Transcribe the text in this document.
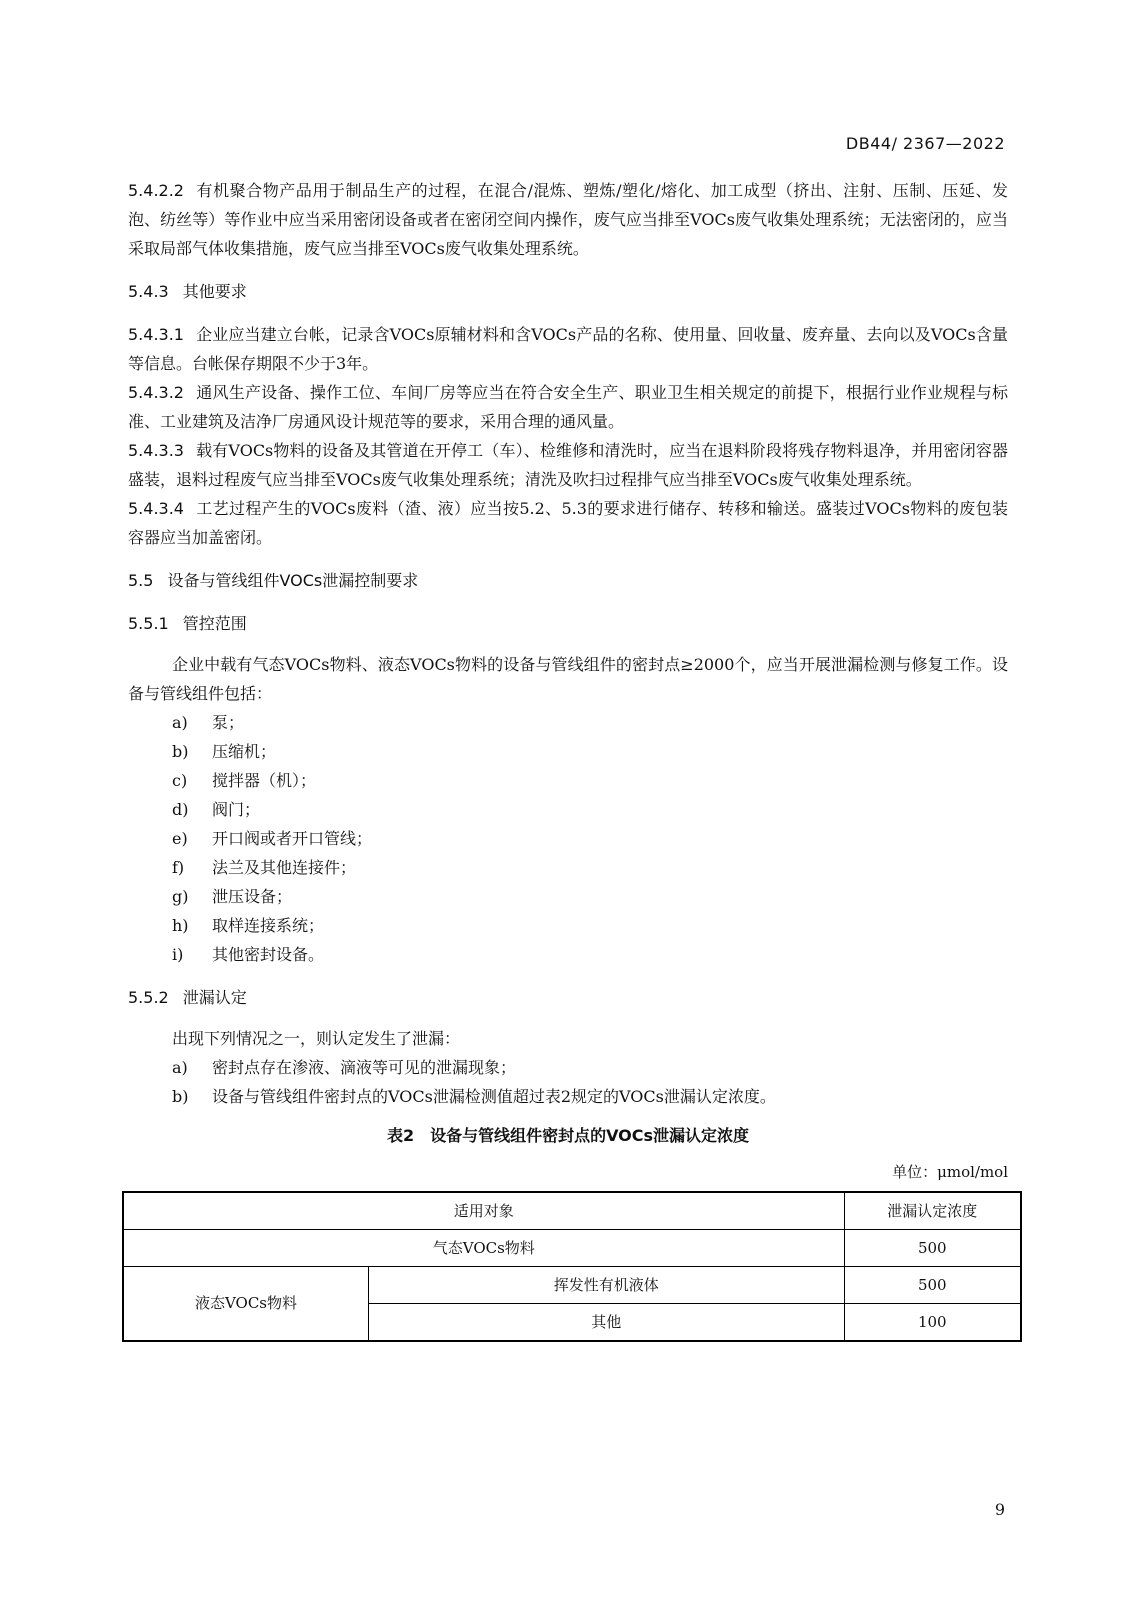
DB44/ 2367—2022

5.4.2.2 有机聚合物产品用于制品生产的过程，在混合/混炼、塑炼/塑化/熔化、加工成型（挤出、注射、压制、压延、发泡、纺丝等）等作业中应当采用密闭设备或者在密闭空间内操作，废气应当排至VOCs废气收集处理系统；无法密闭的，应当采取局部气体收集措施，废气应当排至VOCs废气收集处理系统。

5.4.3 其他要求

5.4.3.1 企业应当建立台帐，记录含VOCs原辅材料和含VOCs产品的名称、使用量、回收量、废弃量、去向以及VOCs含量等信息。台帐保存期限不少于3年。

5.4.3.2 通风生产设备、操作工位、车间厂房等应当在符合安全生产、职业卫生相关规定的前提下，根据行业作业规程与标准、工业建筑及洁净厂房通风设计规范等的要求，采用合理的通风量。

5.4.3.3 载有VOCs物料的设备及其管道在开停工（车）、检维修和清洗时，应当在退料阶段将残存物料退净，并用密闭容器盛装，退料过程废气应当排至VOCs废气收集处理系统；清洗及吹扫过程排气应当排至VOCs废气收集处理系统。

5.4.3.4 工艺过程产生的VOCs废料（渣、液）应当按5.2、5.3的要求进行储存、转移和输送。盛装过VOCs物料的废包装容器应当加盖密闭。

5.5 设备与管线组件VOCs泄漏控制要求

5.5.1 管控范围

企业中载有气态VOCs物料、液态VOCs物料的设备与管线组件的密封点≥2000个，应当开展泄漏检测与修复工作。设备与管线组件包括：

a) 泵；

b) 压缩机；

c) 搅拌器（机）；

d) 阀门；

e) 开口阀或者开口管线；

f) 法兰及其他连接件；

g) 泄压设备；

h) 取样连接系统；

i) 其他密封设备。

5.5.2 泄漏认定

出现下列情况之一，则认定发生了泄漏：

a) 密封点存在渗液、滴液等可见的泄漏现象；

b) 设备与管线组件密封点的VOCs泄漏检测值超过表2规定的VOCs泄漏认定浓度。

表2　设备与管线组件密封点的VOCs泄漏认定浓度

单位：μmol/mol

适用对象		泄漏认定浓度
气态VOCs物料		500
液态VOCs物料	挥发性有机液体	500
	其他	100
9
